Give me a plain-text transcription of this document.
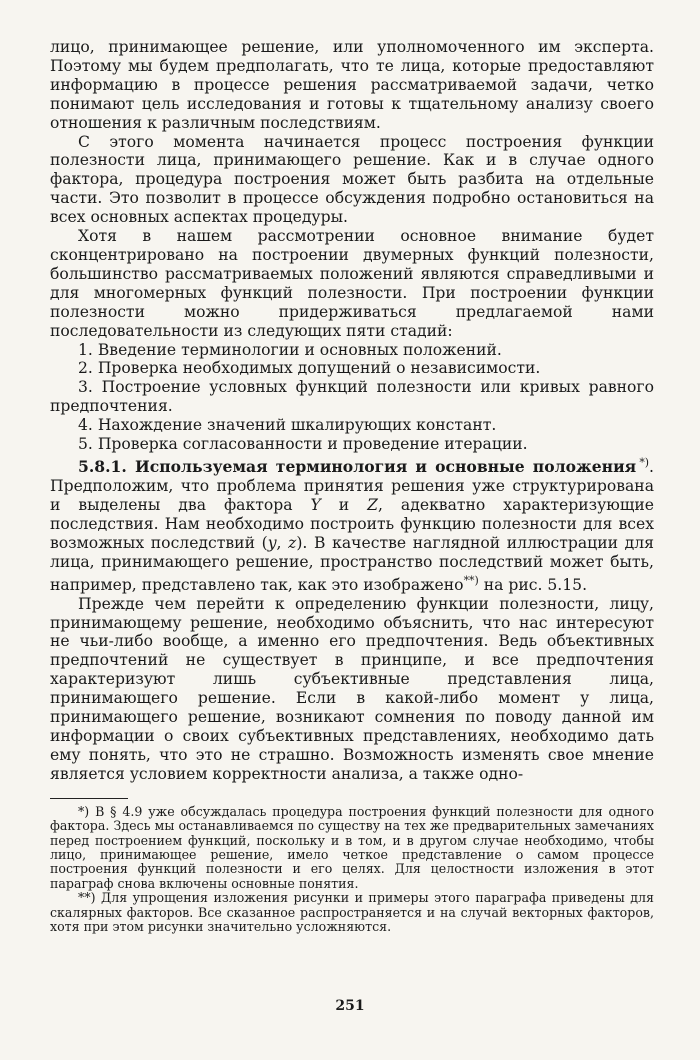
лицо, принимающее решение, или уполномоченного им эксперта. Поэтому мы будем предполагать, что те лица, которые предоставляют информацию в процессе решения рассматриваемой задачи, четко понимают цель исследования и готовы к тщательному анализу своего отношения к различным последствиям.

С этого момента начинается процесс построения функции полезности лица, принимающего решение. Как и в случае одного фактора, процедура построения может быть разбита на отдельные части. Это позволит в процессе обсуждения подробно остановиться на всех основных аспектах процедуры.

Хотя в нашем рассмотрении основное внимание будет сконцентрировано на построении двумерных функций полезности, большинство рассматриваемых положений являются справедливыми и для многомерных функций полезности. При построении функции полезности можно придерживаться предлагаемой нами последовательности из следующих пяти стадий:

1. Введение терминологии и основных положений.

2. Проверка необходимых допущений о независимости.

3. Построение условных функций полезности или кривых равного предпочтения.

4. Нахождение значений шкалирующих констант.

5. Проверка согласованности и проведение итерации.

5.8.1. Используемая терминология и основные положения  *). Предположим, что проблема принятия решения уже структурирована и выделены два фактора Y и Z, адекватно характеризующие последствия. Нам необходимо построить функцию полезности для всех возможных последствий (y, z). В качестве наглядной иллюстрации для лица, принимающего решение, пространство последствий может быть, например, представлено так, как это изображено**) на рис. 5.15.

Прежде чем перейти к определению функции полезности, лицу, принимающему решение, необходимо объяснить, что нас интересуют не чьи-либо вообще, а именно его предпочтения. Ведь объективных предпочтений не существует в принципе, и все предпочтения характеризуют лишь субъективные представления лица, принимающего решение. Если в какой-либо момент у лица, принимающего решение, возникают сомнения по поводу данной им информации о своих субъективных представлениях, необходимо дать ему понять, что это не страшно. Возможность изменять свое мнение является условием корректности анализа, а также одно-

*) В § 4.9 уже обсуждалась процедура построения функций полезности для одного фактора. Здесь мы останавливаемся по существу на тех же предварительных замечаниях перед построением функций, поскольку и в том, и в другом случае необходимо, чтобы лицо, принимающее решение, имело четкое представление о самом процессе построения функций полезности и его целях. Для целостности изложения в этот параграф снова включены основные понятия.

**) Для упрощения изложения рисунки и примеры этого параграфа приведены для скалярных факторов. Все сказанное распространяется и на случай векторных факторов, хотя при этом рисунки значительно усложняются.

251
